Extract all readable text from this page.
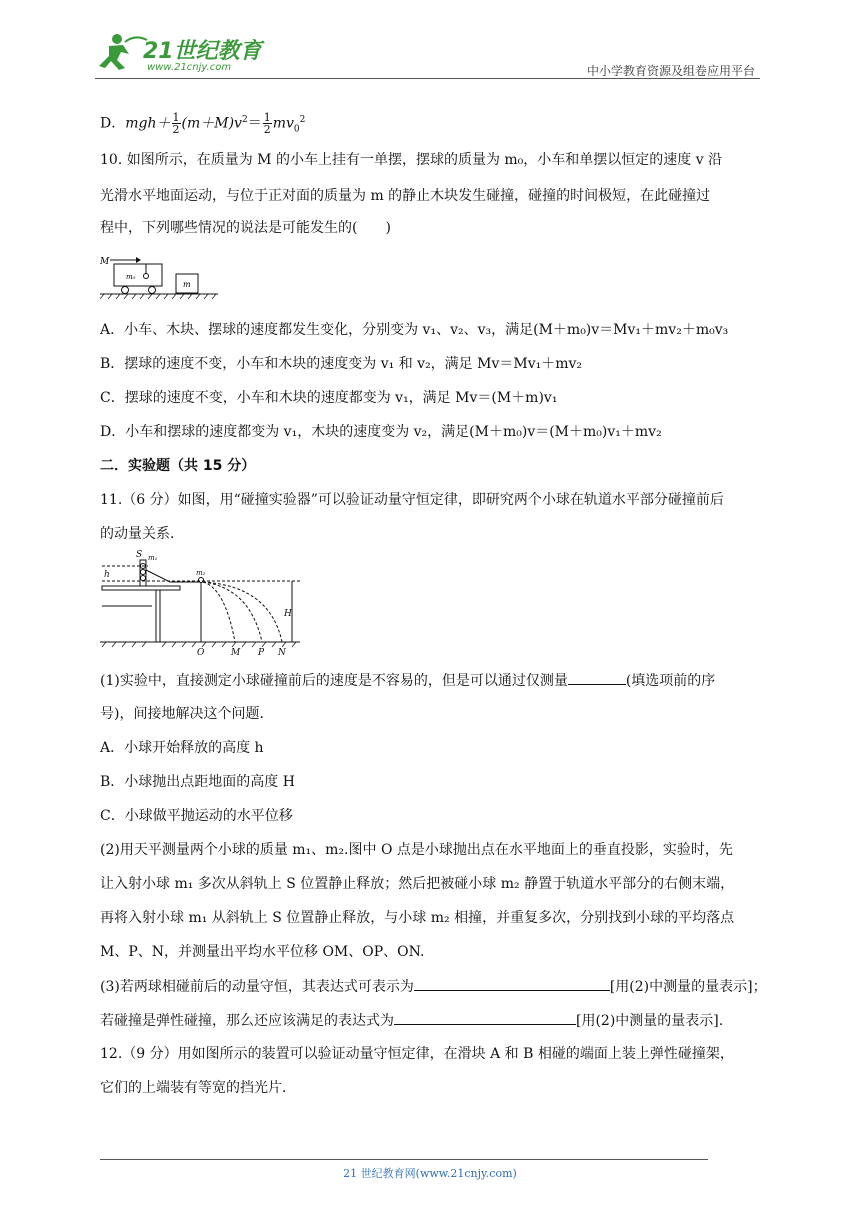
21世纪教育
www.21cnjy.com	中小学教育资源及组卷应用平台
D．$mgh+ \frac{1}{2} (m+M)v^2= \frac{1}{2} mv_0^2$
10. 如图所示，在质量为 M 的小车上挂有一单摆，摆球的质量为 m₀，小车和单摆以恒定的速度 v 沿
光滑水平地面运动，与位于正对面的质量为 m 的静止木块发生碰撞，碰撞的时间极短，在此碰撞过
程中，下列哪些情况的说法是可能发生的(　　)
M
m₀
m
A．小车、木块、摆球的速度都发生变化，分别变为 v₁、v₂、v₃，满足(M＋m₀)v＝Mv₁＋mv₂＋m₀v₃
B．摆球的速度不变，小车和木块的速度变为 v₁ 和 v₂，满足 Mv＝Mv₁＋mv₂
C．摆球的速度不变，小车和木块的速度都变为 v₁，满足 Mv＝(M＋m)v₁
D．小车和摆球的速度都变为 v₁，木块的速度变为 v₂，满足(M＋m₀)v＝(M＋m₀)v₁＋mv₂
二．实验题（共 15 分）
11.（6 分）如图，用“碰撞实验器”可以验证动量守恒定律，即研究两个小球在轨道水平部分碰撞前后
的动量关系．
S m₁
m₂
h
H
O	M P N
(1)实验中，直接测定小球碰撞前后的速度是不容易的，但是可以通过仅测量	(填选项前的序
号)，间接地解决这个问题．
A．小球开始释放的高度 h
B．小球抛出点距地面的高度 H
C．小球做平抛运动的水平位移
(2)用天平测量两个小球的质量 m₁、m₂.图中 O 点是小球抛出点在水平地面上的垂直投影，实验时，先
让入射小球 m₁ 多次从斜轨上 S 位置静止释放；然后把被碰小球 m₂ 静置于轨道水平部分的右侧末端，
再将入射小球 m₁ 从斜轨上 S 位置静止释放，与小球 m₂ 相撞，并重复多次，分别找到小球的平均落点
M、P、N，并测量出平均水平位移 OM、OP、ON.
(3)若两球相碰前后的动量守恒，其表达式可表示为	[用(2)中测量的量表示]；
若碰撞是弹性碰撞，那么还应该满足的表达式为	[用(2)中测量的量表示].
12.（9 分）用如图所示的装置可以验证动量守恒定律，在滑块 A 和 B 相碰的端面上装上弹性碰撞架，
它们的上端装有等宽的挡光片．
21 世纪教育网(www.21cnjy.com)
